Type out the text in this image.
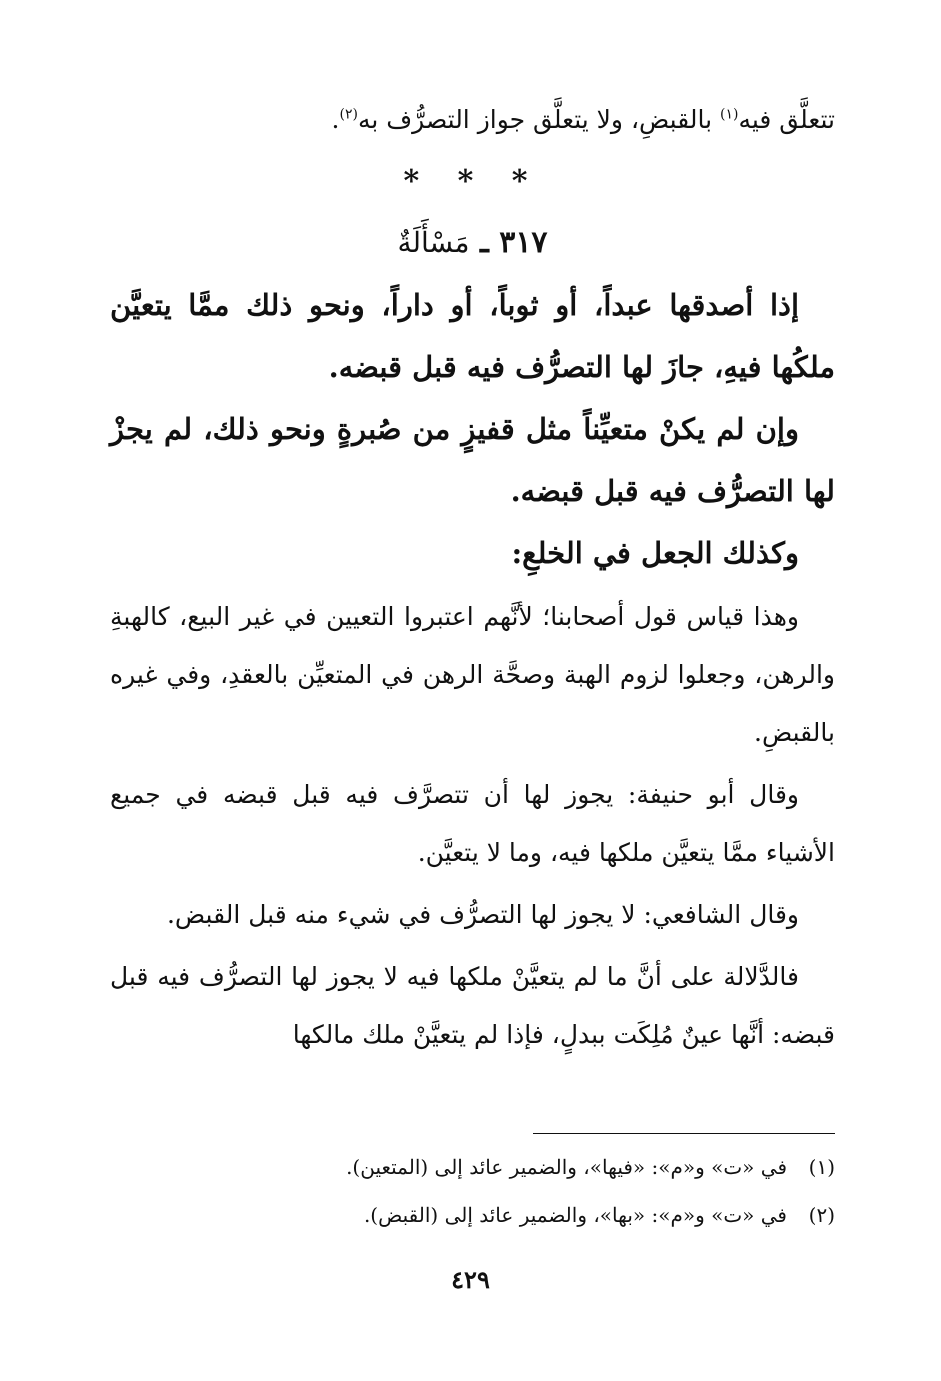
تتعلَّق فيه$^{(١)}$ بالقبضِ، ولا يتعلَّق جواز التصرُّف به$^{(٢)}$.
* * *
٣١٧ ـ مَسْأَلَةٌ
إذا أصدقها عبداً، أو ثوباً، أو داراً، ونحو ذلك ممَّا يتعيَّن ملكُها فيهِ، جازَ لها التصرُّف فيه قبل قبضه.
وإن لم يكنْ متعيِّناً مثل قفيزٍ من صُبرةٍ ونحو ذلك، لم يجزْ لها التصرُّف فيه قبل قبضه.
وكذلك الجعل في الخلعِ:
وهذا قياس قول أصحابنا؛ لأنَّهم اعتبروا التعيين في غير البيع، كالهبةِ والرهن، وجعلوا لزوم الهبة وصحَّة الرهن في المتعيِّن بالعقدِ، وفي غيره بالقبضِ.
وقال أبو حنيفة: يجوز لها أن تتصرَّف فيه قبل قبضه في جميع الأشياء ممَّا يتعيَّن ملكها فيه، وما لا يتعيَّن.
وقال الشافعي: لا يجوز لها التصرُّف في شيء منه قبل القبض.
فالدَّلالة على أنَّ ما لم يتعيَّنْ ملكها فيه لا يجوز لها التصرُّف فيه قبل قبضه: أنَّها عينٌ مُلِكَت ببدلٍ، فإذا لم يتعيَّنْ ملك مالكها
(١)في «ت» و«م»: «فيها»، والضمير عائد إلى (المتعين).
(٢)في «ت» و«م»: «بها»، والضمير عائد إلى (القبض).
٤٢٩
